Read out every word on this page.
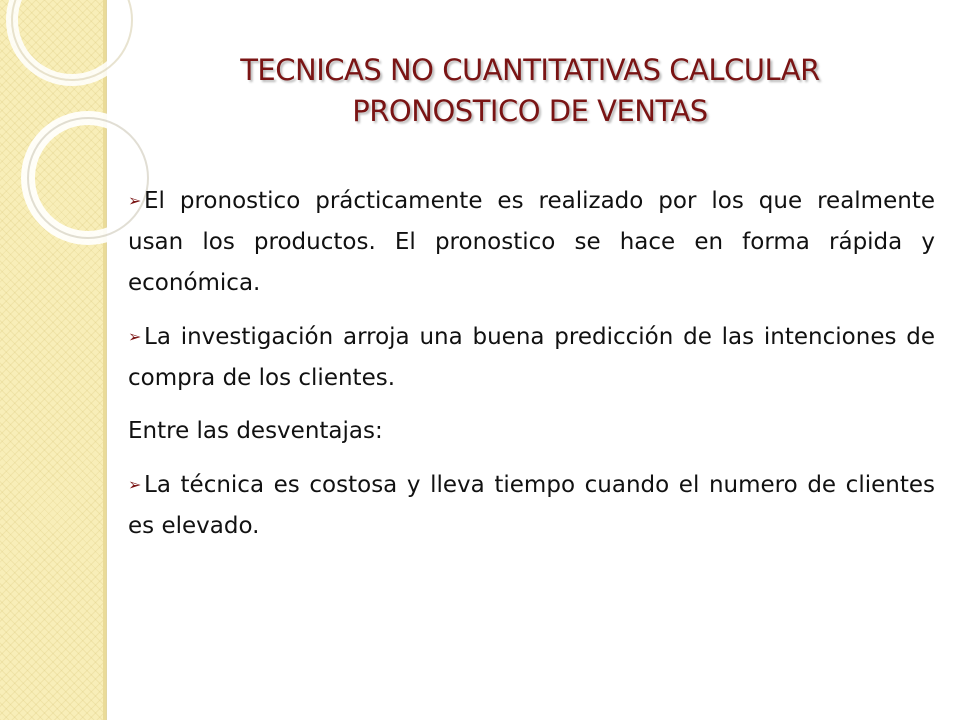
TECNICAS NO CUANTITATIVAS CALCULAR
PRONOSTICO DE VENTAS

➢ El pronostico prácticamente es realizado por los que realmente usan los productos. El pronostico se hace en forma rápida y económica.

➢ La investigación arroja una buena predicción de las intenciones de compra de los clientes.

Entre las desventajas:

➢ La técnica es costosa y lleva tiempo cuando el numero de clientes es elevado.
